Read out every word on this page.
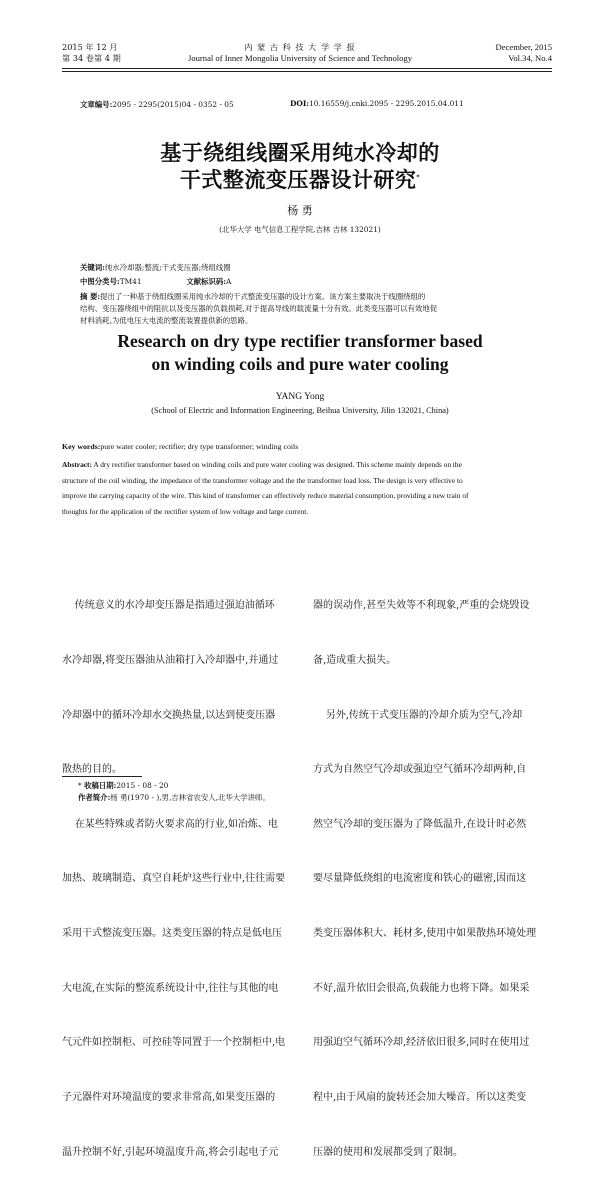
2015 年 12 月
第 34 卷第 4 期
内 蒙 古 科 技 大 学 学 报
Journal of Inner Mongolia University of Science and Technology
December, 2015
Vol.34, No.4
文章编号:2095 - 2295(2015)04 - 0352 - 05	DOI:10.16559/j.cnki.2095 - 2295.2015.04.011
基于绕组线圈采用纯水冷却的
干式整流变压器设计研究*
杨 勇
(北华大学 电气信息工程学院,吉林 吉林 132021)
关键词:纯水冷却器;整流;干式变压器;绕组线圈
中图分类号:TM41	文献标识码:A
摘 要:提出了一种基于绕组线圈采用纯水冷却的干式整流变压器的设计方案。该方案主要取决于线圈绕组的
结构、变压器绕组中的阻抗以及变压器的负载损耗,对于提高导线的载流量十分有效。此类变压器可以有效地促
材料消耗,为低电压大电流的整流装置提供新的思路。
Research on dry type rectifier transformer based
on winding coils and pure water cooling
YANG Yong
(School of Electric and Information Engineering, Beihua University, Jilin 132021, China)
Key words:pure water cooler; rectifier; dry type transformer; winding coils
Abstract: A dry rectifier transformer based on winding coils and pure water cooling was designed. This scheme mainly depends on the
structure of the coil winding, the impedance of the transformer voltage and the the transformer load loss. The design is very effective to
improve the carrying capacity of the wire. This kind of transformer can effectively reduce material consumption, providing a new train of
thoughts for the application of the rectifier system of low voltage and large current.

传统意义的水冷却变压器是指通过强迫油循环

水冷却器,将变压器油从油箱打入冷却器中,并通过

冷却器中的循环冷却水交换热量,以达到使变压器

散热的目的。

在某些特殊或者防火要求高的行业,如冶炼、电

加热、玻璃制造、真空自耗炉这些行业中,往往需要

采用干式整流变压器。这类变压器的特点是低电压

大电流,在实际的整流系统设计中,往往与其他的电

气元件如控制柜、可控硅等同置于一个控制柜中,电

子元器件对环境温度的要求非常高,如果变压器的

温升控制不好,引起环境温度升高,将会引起电子元

器的误动作,甚至失效等不利现象,严重的会烧毁设

备,造成重大损失。

另外,传统干式变压器的冷却介质为空气,冷却

方式为自然空气冷却或强迫空气循环冷却两种,自

然空气冷却的变压器为了降低温升,在设计时必然

要尽量降低绕组的电流密度和铁心的磁密,因而这

类变压器体积大、耗材多,使用中如果散热环境处理

不好,温升依旧会很高,负载能力也将下降。如果采

用强迫空气循环冷却,经济依旧很多,同时在使用过

程中,由于风扇的旋转还会加大噪音。所以这类变

压器的使用和发展都受到了限制。

* 收稿日期:2015 - 08 - 20
作者简介:杨 勇(1970 - ),男,吉林省农安人,北华大学讲师。
